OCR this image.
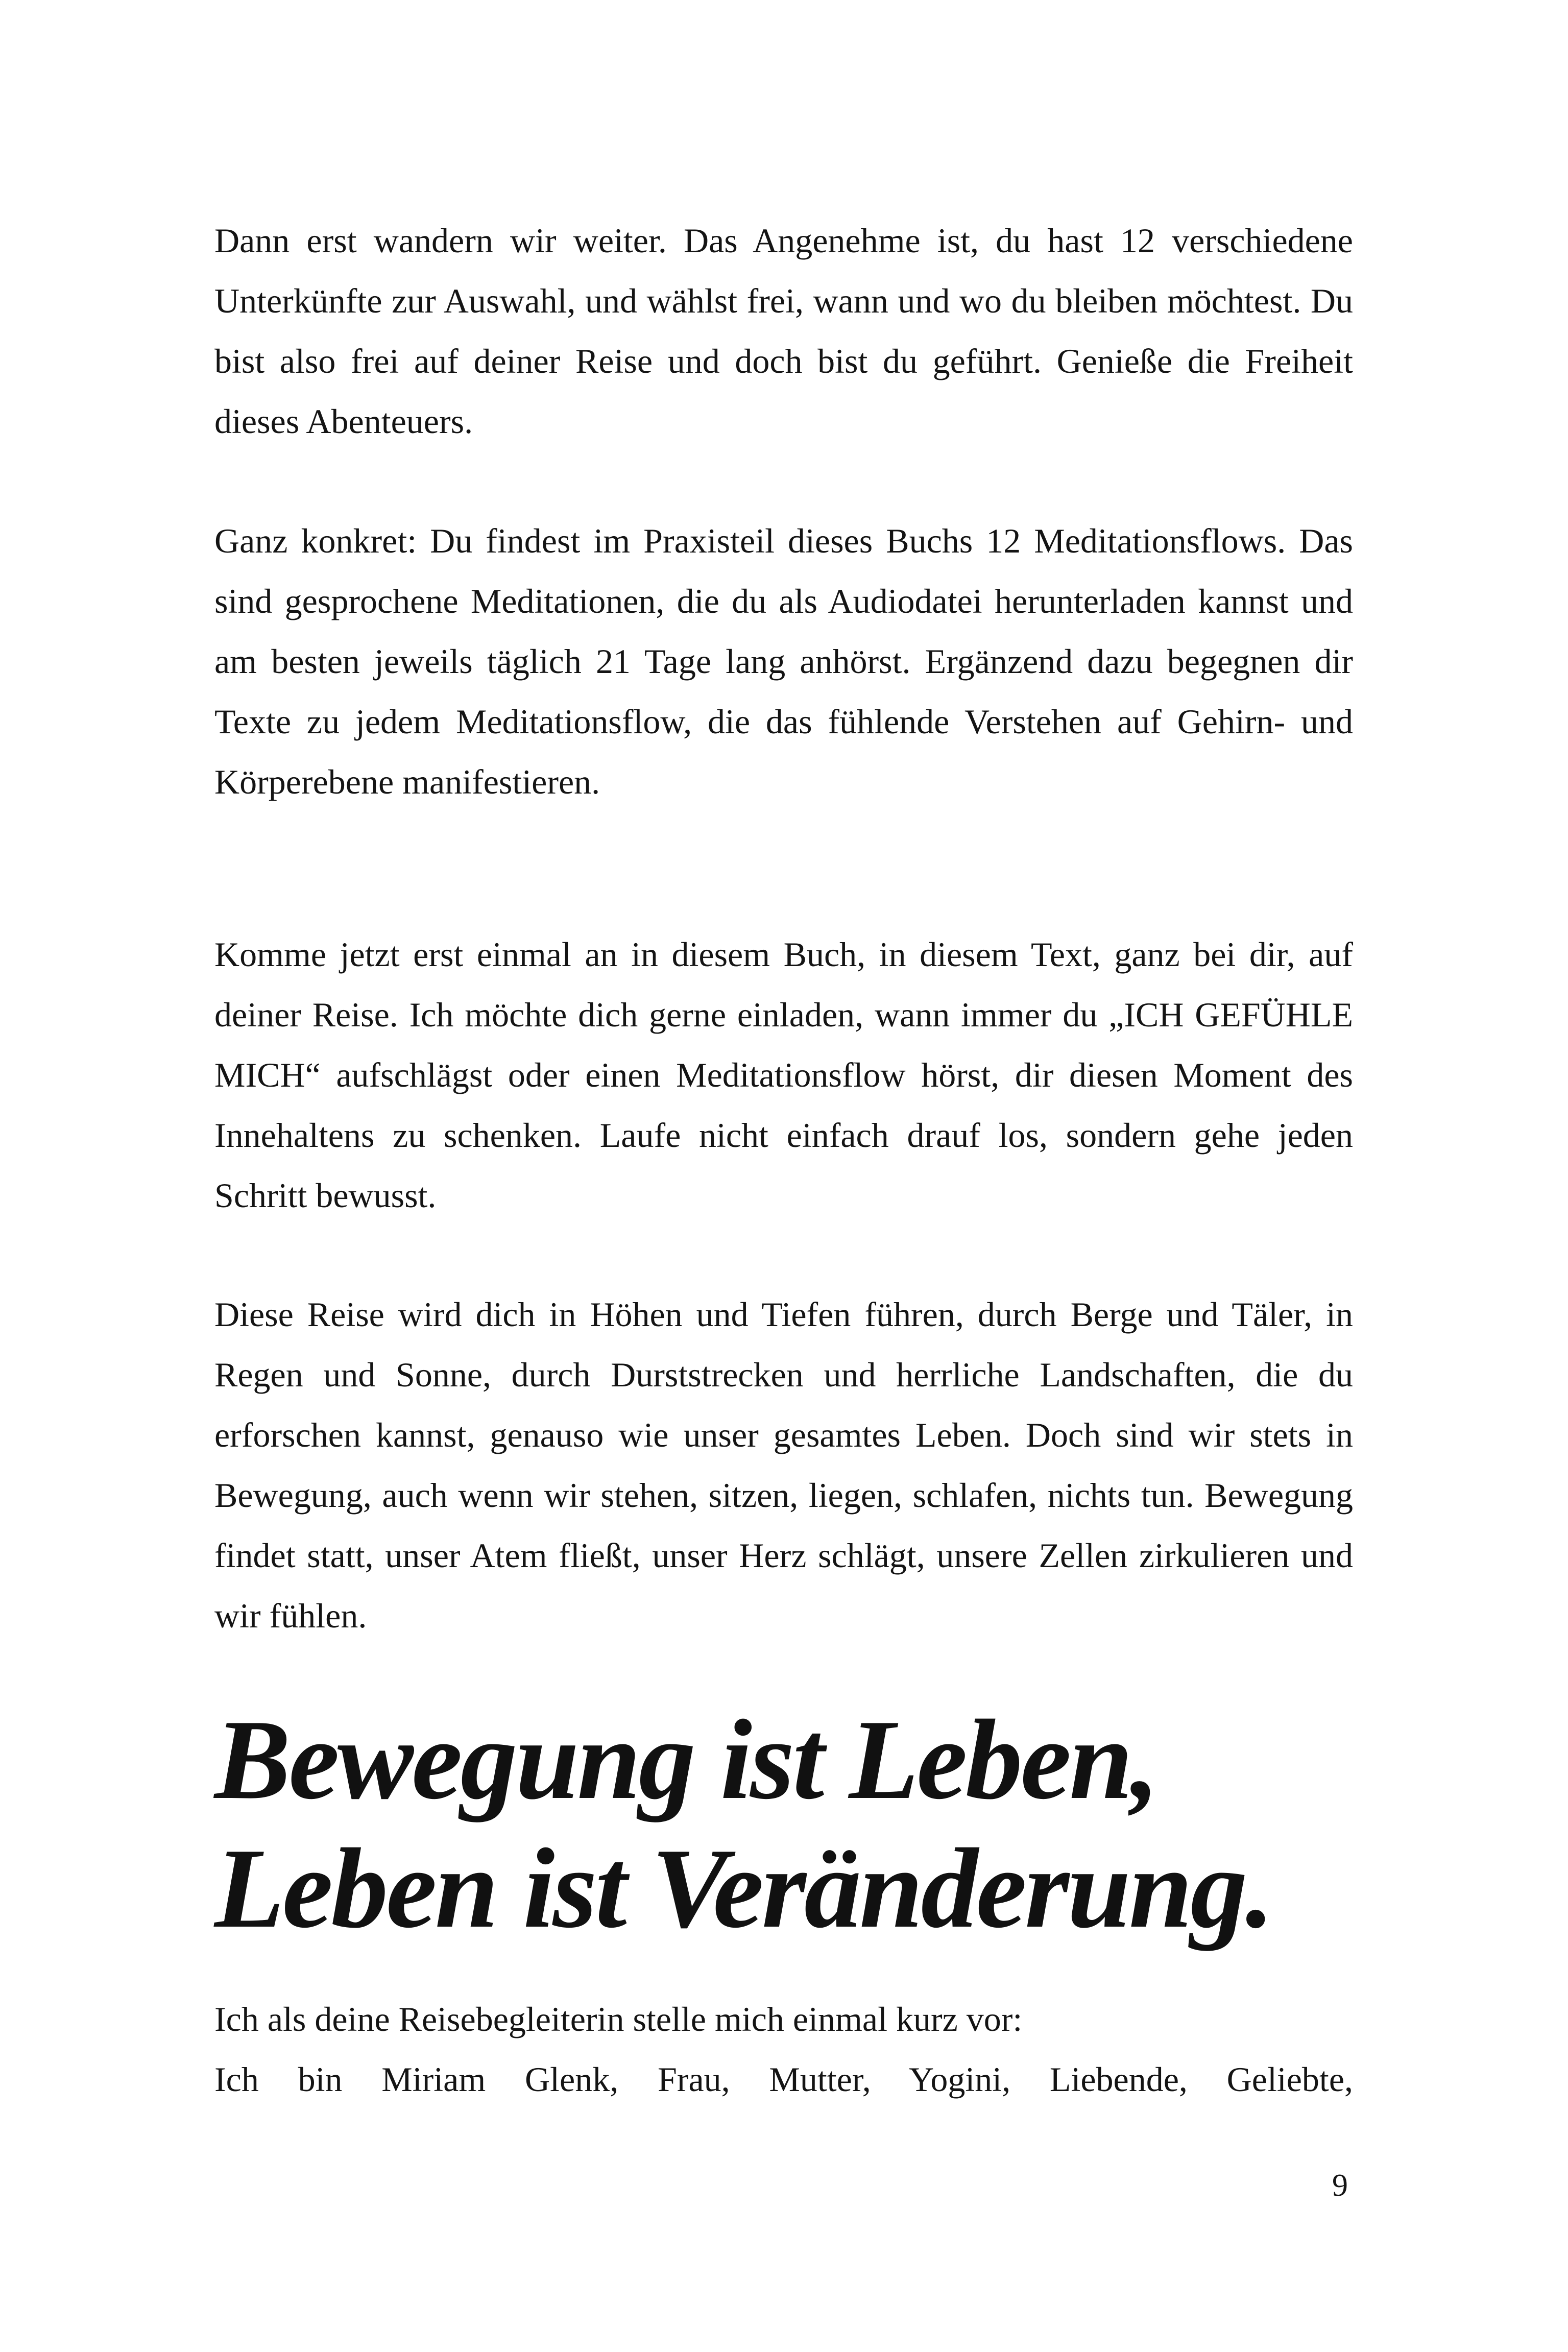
Dann erst wandern wir weiter. Das Angenehme ist, du hast 12 verschiedene Unterkünfte zur Auswahl, und wählst frei, wann und wo du bleiben möchtest. Du bist also frei auf deiner Reise und doch bist du geführt. Genieße die Freiheit dieses Abenteuers.

Ganz konkret: Du findest im Praxisteil dieses Buchs 12 Meditationsflows. Das sind gesprochene Meditationen, die du als Audiodatei herunterladen kannst und am besten jeweils täglich 21 Tage lang anhörst. Ergänzend dazu begegnen dir Texte zu jedem Meditationsflow, die das fühlende Verstehen auf Gehirn- und Körperebene manifestieren.

Komme jetzt erst einmal an in diesem Buch, in diesem Text, ganz bei dir, auf deiner Reise. Ich möchte dich gerne einladen, wann immer du „ICH GEFÜHLE MICH“ aufschlägst oder einen Meditationsflow hörst, dir diesen Moment des Innehaltens zu schenken. Laufe nicht einfach drauf los, sondern gehe jeden Schritt bewusst.

Diese Reise wird dich in Höhen und Tiefen führen, durch Berge und Täler, in Regen und Sonne, durch Durststrecken und herrliche Landschaften, die du erforschen kannst, genauso wie unser gesamtes Leben. Doch sind wir stets in Bewegung, auch wenn wir stehen, sitzen, liegen, schlafen, nichts tun. Bewegung findet statt, unser Atem fließt, unser Herz schlägt, unsere Zellen zirkulieren und wir fühlen.

Bewegung ist Leben,
Leben ist Veränderung.

Ich als deine Reisebegleiterin stelle mich einmal kurz vor:
Ich bin Miriam Glenk, Frau, Mutter, Yogini, Liebende, Geliebte,

9
